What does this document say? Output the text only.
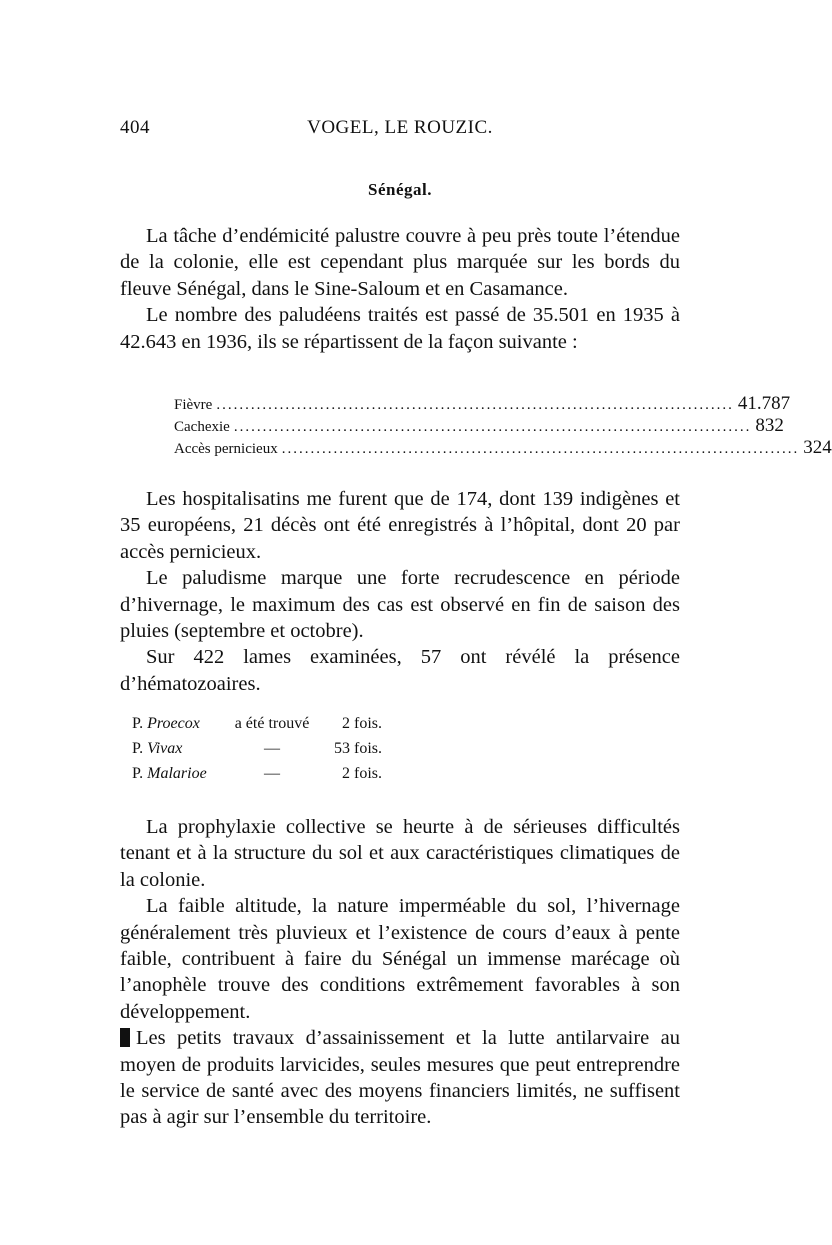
404	VOGEL, LE ROUZIC.
Sénégal.

La tâche d’endémicité palustre couvre à peu près toute l’étendue de la colonie, elle est cependant plus marquée sur les bords du fleuve Sénégal, dans le Sine-Saloum et en Casamance.

Le nombre des paludéens traités est passé de 35.501 en 1935 à 42.643 en 1936, ils se répartissent de la façon suivante :

Fièvre .......................................................................................... 41.787
Cachexie .......................................................................................... 832
Accès pernicieux .......................................................................................... 324

Les hospitalisatins me furent que de 174, dont 139 indigènes et 35 européens, 21 décès ont été enregistrés à l’hôpital, dont 20 par accès pernicieux.

Le paludisme marque une forte recrudescence en période d’hivernage, le maximum des cas est observé en fin de saison des pluies (septembre et octobre).

Sur 422 lames examinées, 57 ont révélé la présence d’hématozoaires.

P. Proecox	a été trouvé	2 fois.
P. Vivax	—	53 fois.
P. Malarioe	—	2 fois.

La prophylaxie collective se heurte à de sérieuses difficultés tenant et à la structure du sol et aux caractéristiques climatiques de la colonie.

La faible altitude, la nature imperméable du sol, l’hivernage généralement très pluvieux et l’existence de cours d’eaux à pente faible, contribuent à faire du Sénégal un immense marécage où l’anophèle trouve des conditions extrêmement favorables à son développement.

Les petits travaux d’assainissement et la lutte antilarvaire au moyen de produits larvicides, seules mesures que peut entreprendre le service de santé avec des moyens financiers limités, ne suffisent pas à agir sur l’ensemble du territoire.
